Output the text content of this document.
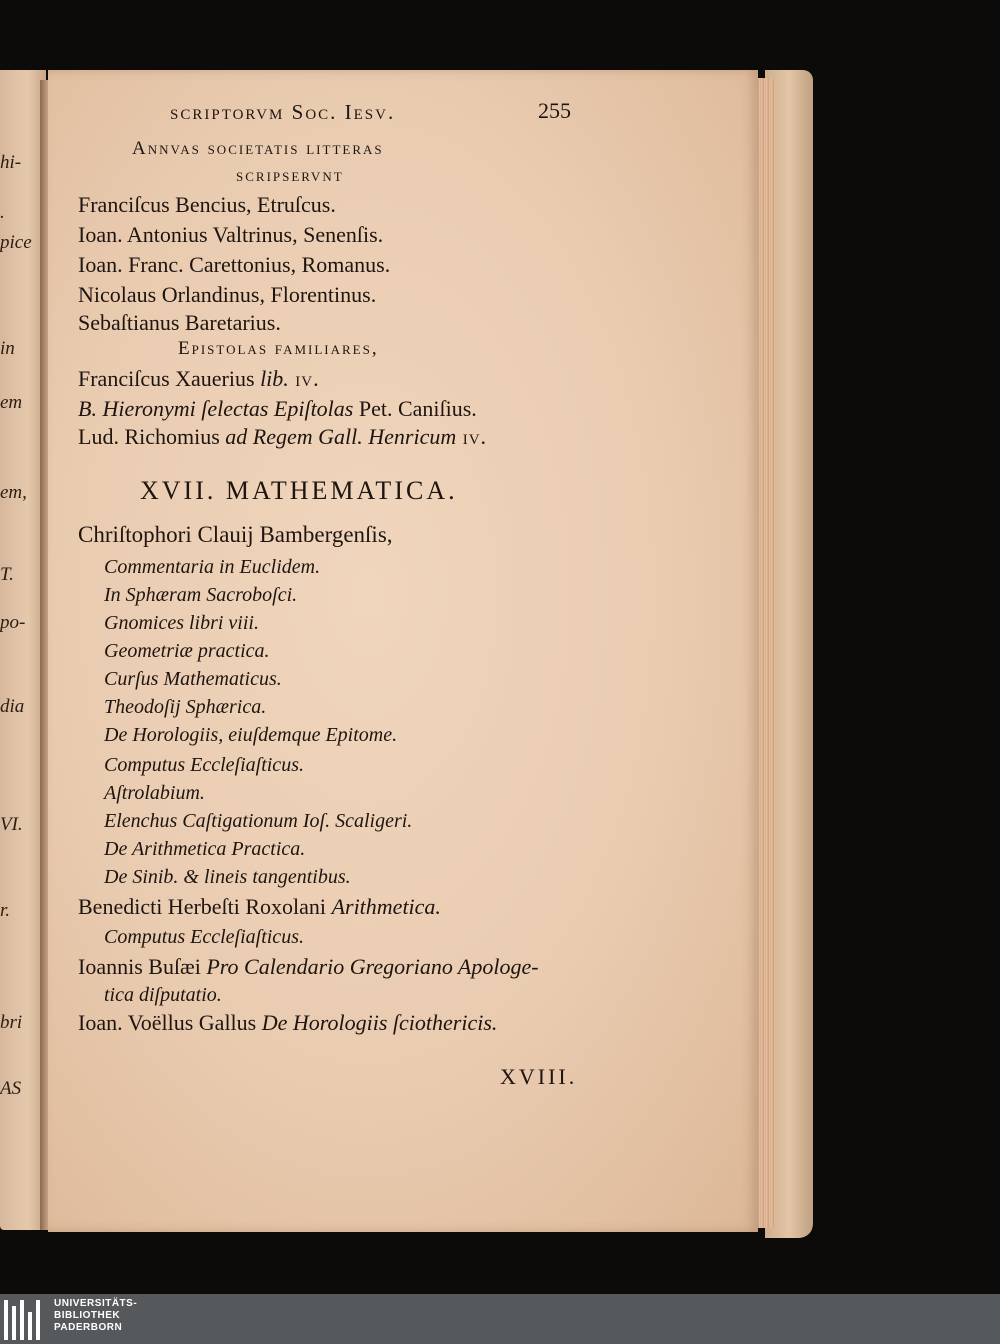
hi-
.
pice
in
em
em,
T.
po-
dia
VI.
r.
bri
AS
scriptorvm Soc. Iesv.	255
Annvas societatis litteras
scripservnt
Franciſcus Bencius, Etruſcus.
Ioan. Antonius Valtrinus, Senenſis.
Ioan. Franc. Carettonius, Romanus.
Nicolaus Orlandinus, Florentinus.
Sebaſtianus Baretarius.
Epistolas familiares,
Franciſcus Xauerius lib. iv.
B. Hieronymi ſelectas Epiſtolas Pet. Caniſius.
Lud. Richomius ad Regem Gall. Henricum iv.
XVII. MATHEMATICA.
Chriſtophori Clauij Bambergenſis,
Commentaria in Euclidem.
In Sphæram Sacroboſci.
Gnomices libri viii.
Geometriæ practica.
Curſus Mathematicus.
Theodoſij Sphærica.
De Horologiis, eiuſdemque Epitome.
Computus Eccleſiaſticus.
Aſtrolabium.
Elenchus Caſtigationum Ioſ. Scaligeri.
De Arithmetica Practica.
De Sinib. & lineis tangentibus.
Benedicti Herbeſti Roxolani Arithmetica.
Computus Eccleſiaſticus.
Ioannis Buſæi Pro Calendario Gregoriano Apologe-
tica diſputatio.
Ioan. Voëllus Gallus De Horologiis ſciothericis.
XVIII.
UNIVERSITÄTS-
BIBLIOTHEK
PADERBORN
